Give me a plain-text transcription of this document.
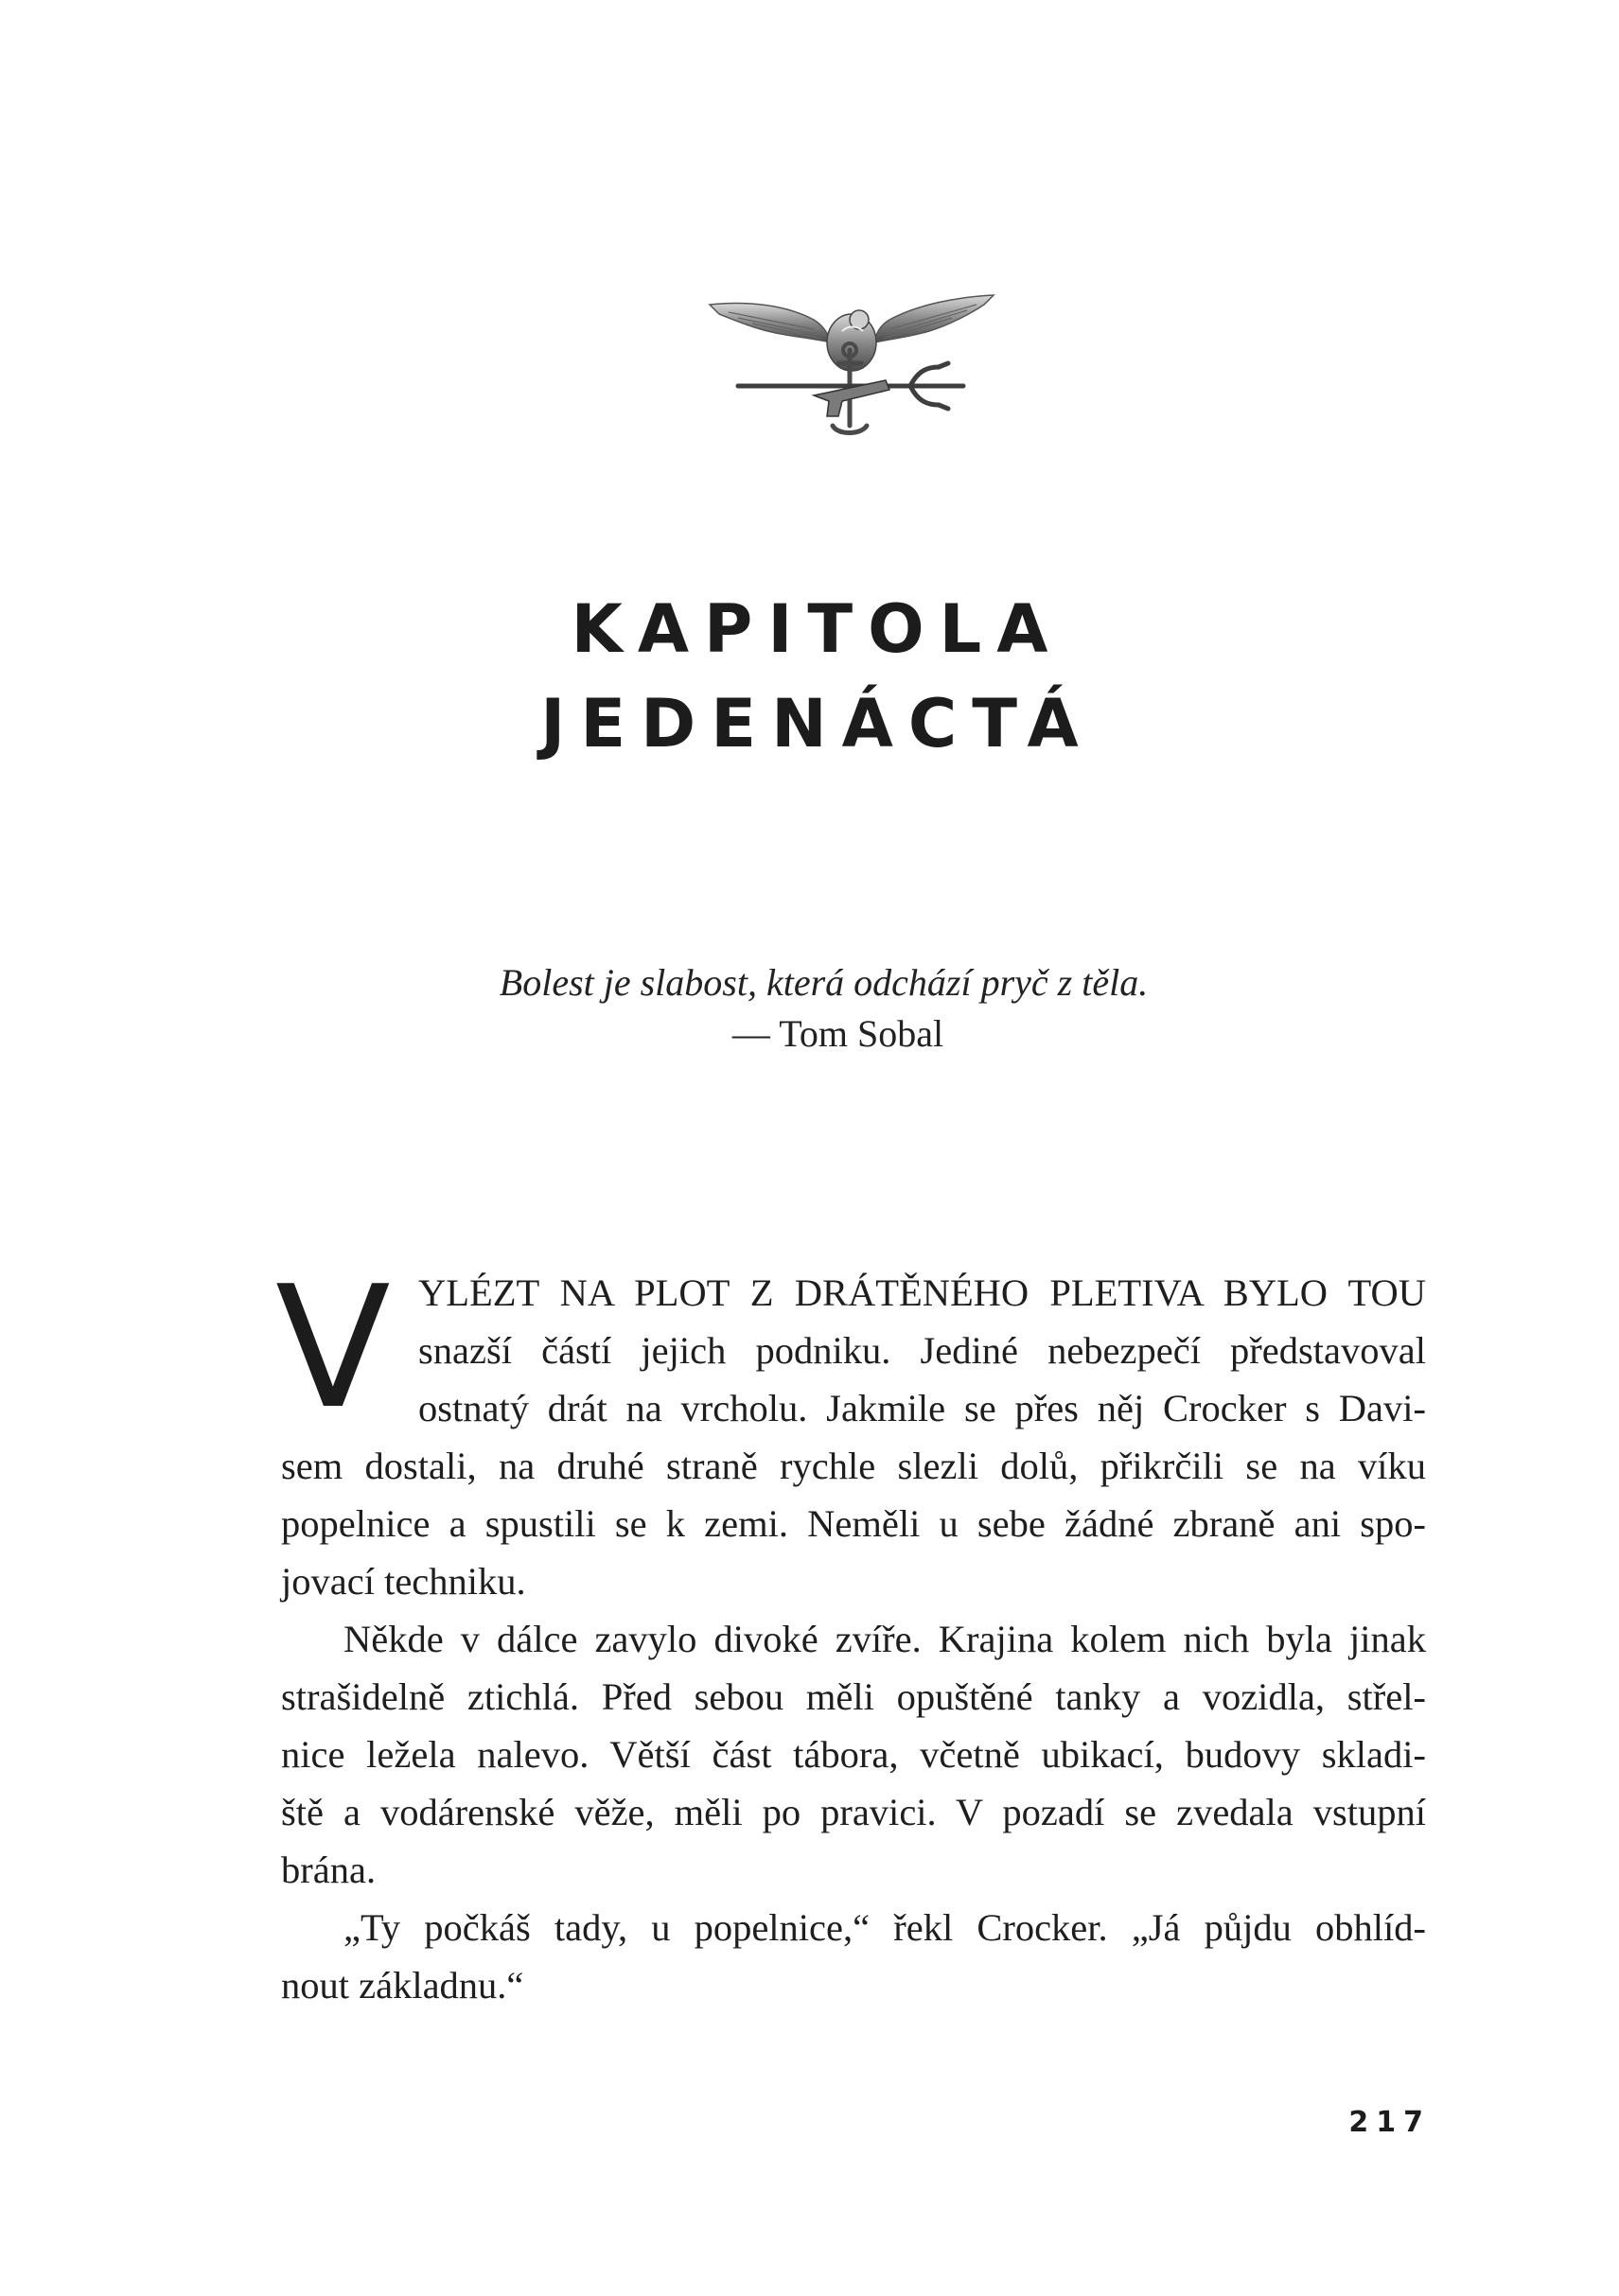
KAPITOLA
JEDENÁCTÁ
Bolest je slabost, která odchází pryč z těla.
— Tom Sobal
V YLÉZT NA PLOT Z DRÁTĚNÉHO PLETIVA BYLO TOU
snazší částí jejich podniku. Jediné nebezpečí představoval
ostnatý drát na vrcholu. Jakmile se přes něj Crocker s Davi-
sem dostali, na druhé straně rychle slezli dolů, přikrčili se na víku
popelnice a spustili se k zemi. Neměli u sebe žádné zbraně ani spo-
jovací techniku.
Někde v dálce zavylo divoké zvíře. Krajina kolem nich byla jinak
strašidelně ztichlá. Před sebou měli opuštěné tanky a vozidla, střel-
nice ležela nalevo. Větší část tábora, včetně ubikací, budovy skladi-
ště a vodárenské věže, měli po pravici. V pozadí se zvedala vstupní
brána.
„Ty počkáš tady, u popelnice,“ řekl Crocker. „Já půjdu obhlíd-
nout základnu.“
217
